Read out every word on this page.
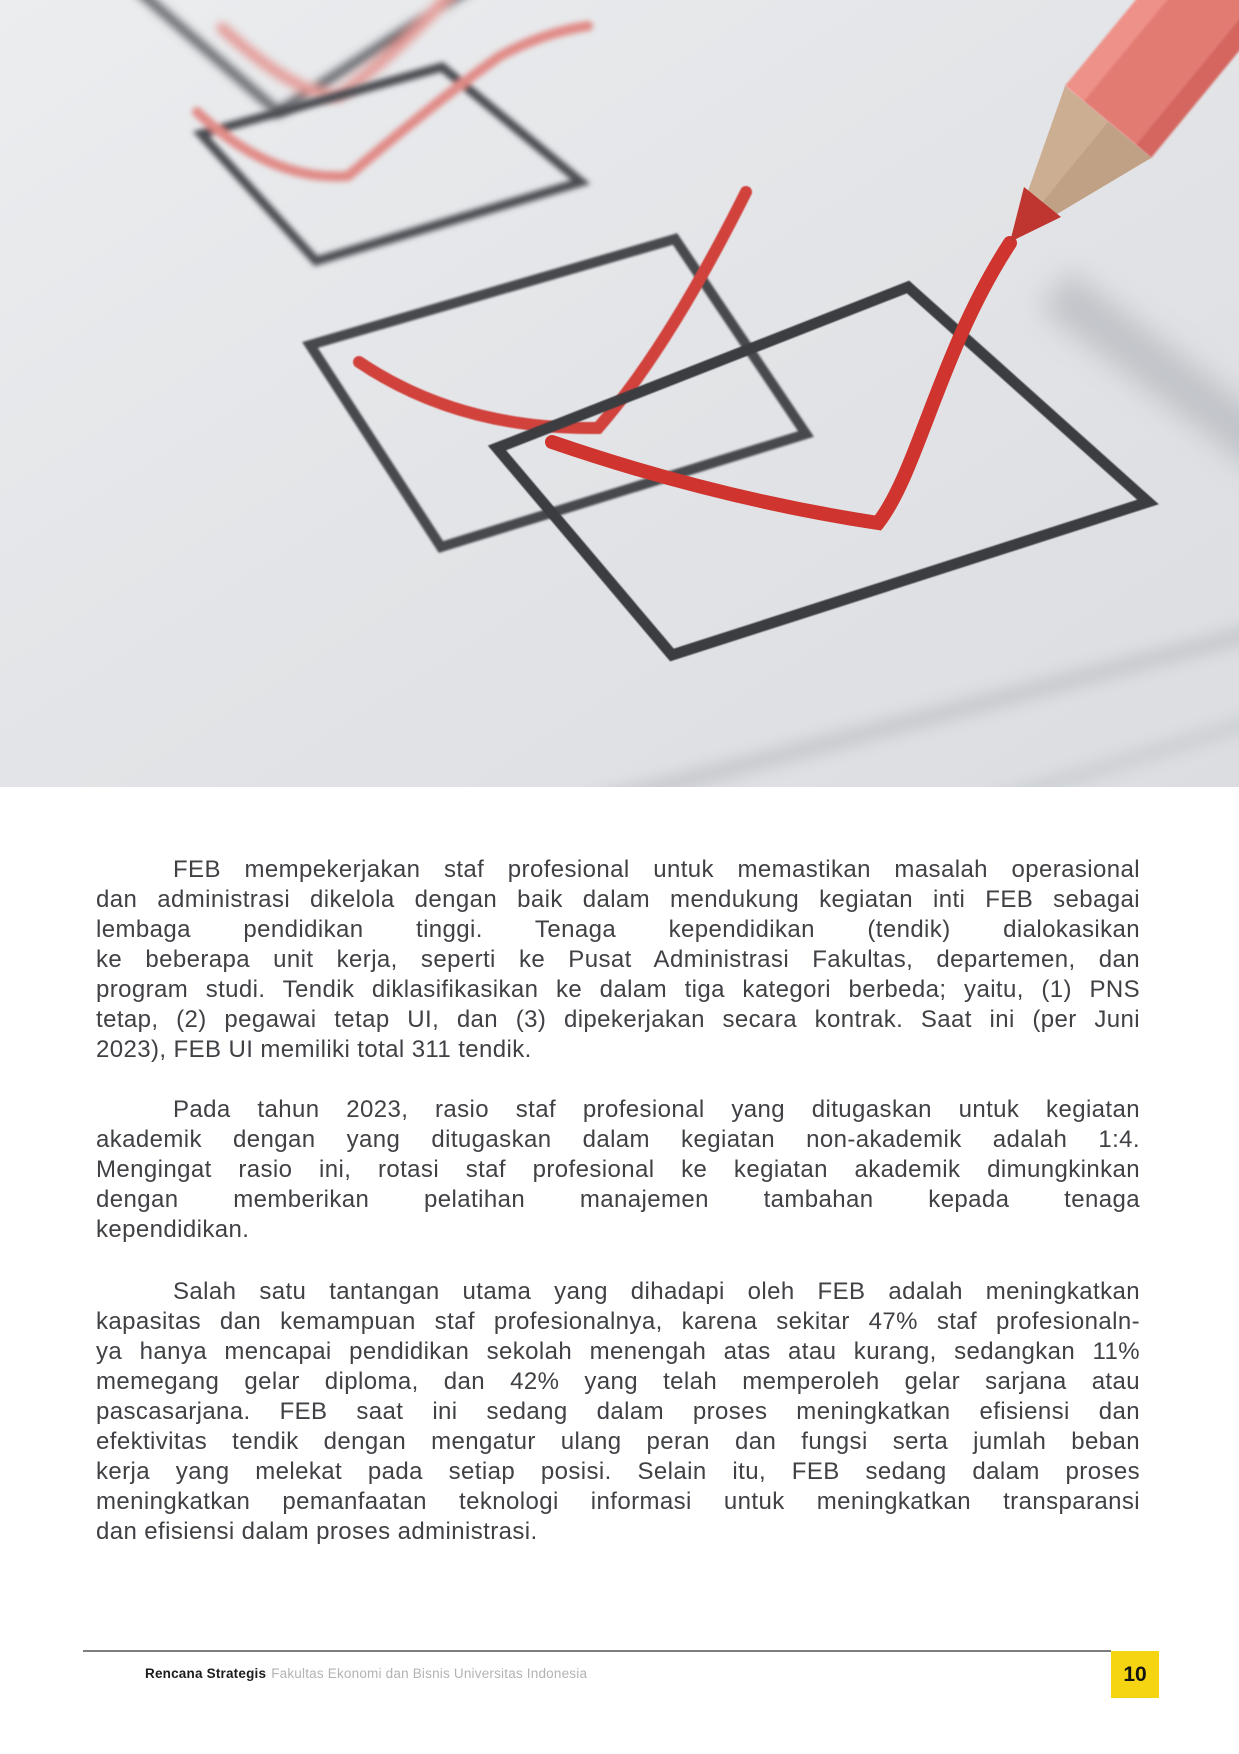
FEB mempekerjakan staf profesional untuk memastikan masalah operasional
dan administrasi dikelola dengan baik dalam mendukung kegiatan inti FEB sebagai
lembaga pendidikan tinggi. Tenaga kependidikan (tendik) dialokasikan
ke beberapa unit kerja, seperti ke Pusat Administrasi Fakultas, departemen, dan
program studi. Tendik diklasifikasikan ke dalam tiga kategori berbeda; yaitu, (1) PNS
tetap, (2) pegawai tetap UI, dan (3) dipekerjakan secara kontrak. Saat ini (per Juni
2023), FEB UI memiliki total 311 tendik.
Pada tahun 2023, rasio staf profesional yang ditugaskan untuk kegiatan
akademik dengan yang ditugaskan dalam kegiatan non-akademik adalah 1:4.
Mengingat rasio ini, rotasi staf profesional ke kegiatan akademik dimungkinkan
dengan memberikan pelatihan manajemen tambahan kepada tenaga
kependidikan.
Salah satu tantangan utama yang dihadapi oleh FEB adalah meningkatkan
kapasitas dan kemampuan staf profesionalnya, karena sekitar 47% staf profesionaln-
ya hanya mencapai pendidikan sekolah menengah atas atau kurang, sedangkan 11%
memegang gelar diploma, dan 42% yang telah memperoleh gelar sarjana atau
pascasarjana. FEB saat ini sedang dalam proses meningkatkan efisiensi dan
efektivitas tendik dengan mengatur ulang peran dan fungsi serta jumlah beban
kerja yang melekat pada setiap posisi. Selain itu, FEB sedang dalam proses
meningkatkan pemanfaatan teknologi informasi untuk meningkatkan transparansi
dan efisiensi dalam proses administrasi.
Rencana Strategis Fakultas Ekonomi dan Bisnis Universitas Indonesia	10
